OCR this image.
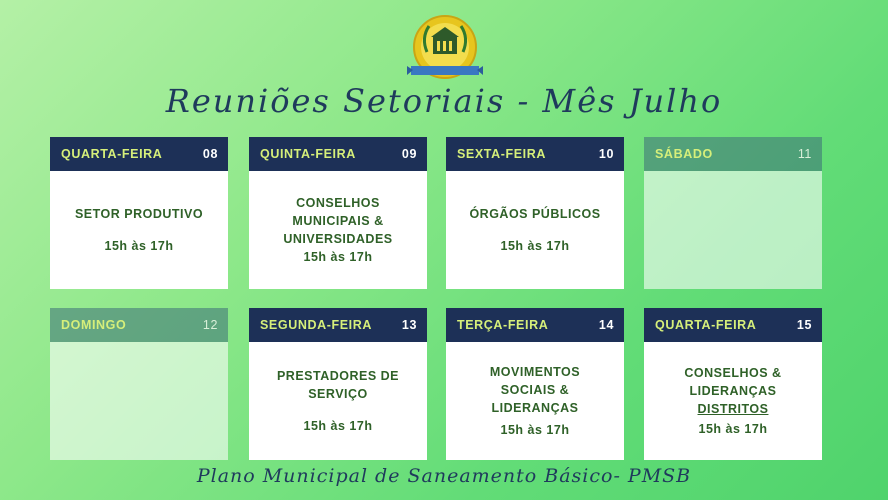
Reuniões Setoriais - Mês Julho
QUARTA-FEIRA	08
SETOR PRODUTIVO
15h às 17h
QUINTA-FEIRA	09
CONSELHOS
MUNICIPAIS &
UNIVERSIDADES
15h às 17h
SEXTA-FEIRA	10
ÓRGÃOS PÚBLICOS
15h às 17h
SÁBADO	11
DOMINGO	12	SEGUNDA-FEIRA 13
PRESTADORES DE
SERVIÇO
15h às 17h
TERÇA-FEIRA	14
MOVIMENTOS
SOCIAIS &
LIDERANÇAS
15h às 17h
QUARTA-FEIRA	15
CONSELHOS &
LIDERANÇAS
DISTRITOS
15h às 17h
Plano Municipal de Saneamento Básico- PMSB
